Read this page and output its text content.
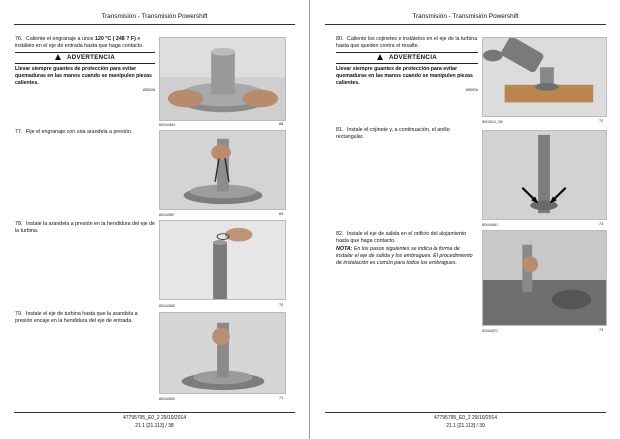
Transmisión - Transmisión Powershift
76. Caliente el engranaje a unos 120 °C ( 248 ? F) e instálelo en el eje de entrada hasta que haga contacto.
ADVERTENCIA
Llevar siempre guantes de protección para evitar quemaduras en las manos cuando se manipulen piezas calientes.
W0092A
BDNA0484	68
77. Fije el engranaje con una arandela a presión.
BDNA0857	69
78. Instale la arandela a presión en la hendidura del eje de la turbina.
BDNA0858	70
79. Instale el eje de turbina hasta que la arandela a presión encaje en la hendidura del eje de entrada.
BDNA0859	71
47795795_E0_2 29/10/2014
21.1 [21.113] / 38
Transmisión - Transmisión Powershift
80. Caliente los cojinetes e instálelos en el eje de la turbina hasta que queden contra el resalte.
ADVERTENCIA
Llevar siempre guantes de protección para evitar quemaduras en las manos cuando se manipulen piezas calientes.
W0092A
BDN0024_786	72
81. Instale el cojinete y, a continuación, el anillo rectangular.
BDNA0861	73
82. Instale el eje de salida en el orificio del alojamiento hasta que haga contacto.
NOTA: En los pasos siguientes se indica la forma de instalar el eje de salida y los embragues. El procedimiento de instalación es común para todos los embragues.
BDNA0872	74
47795795_E0_2 29/10/2014
21.1 [21.113] / 39
